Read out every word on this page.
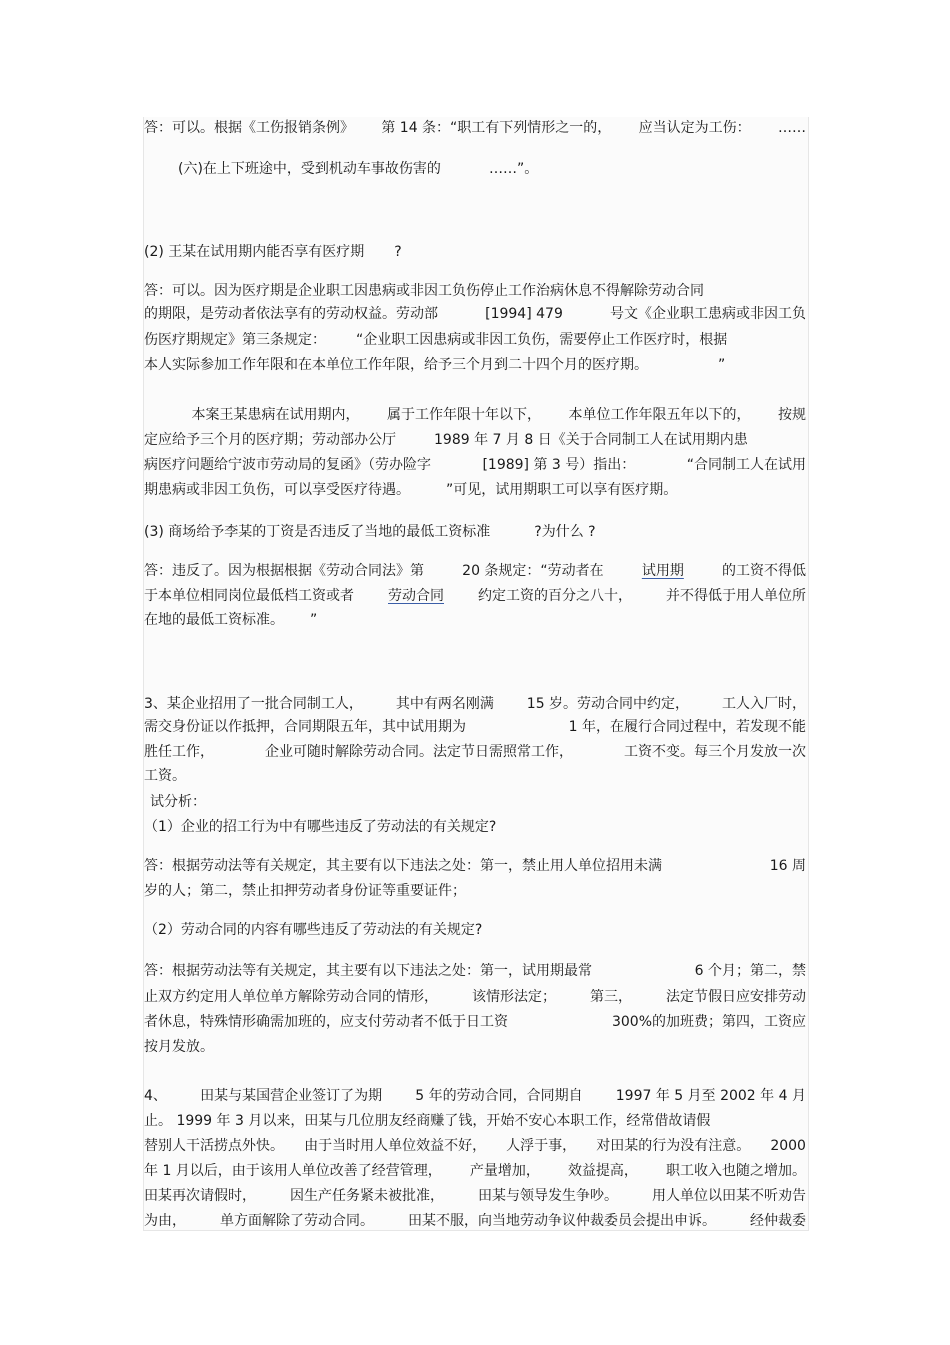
答：可以。根据《工伤报销条例》 第 14 条：“职工有下列情形之一的， 应当认定为工伤： ……
(六)在上下班途中，受到机动车事故伤害的	……”。
(2) 王某在试用期内能否享有医疗期 ?
答：可以。因为医疗期是企业职工因患病或非因工负伤停止工作治病休息不得解除劳动合同
的期限，是劳动者依法享有的劳动权益。劳动部	[1994] 479	号文《企业职工患病或非因工负
伤医疗期规定》第三条规定： “企业职工因患病或非因工负伤，需要停止工作医疗时，根据
本人实际参加工作年限和在本单位工作年限，给予三个月到二十四个月的医疗期。	”
本案王某患病在试用期内， 属于工作年限十年以下， 本单位工作年限五年以下的， 按规
定应给予三个月的医疗期；劳动部办公厅	1989 年 7 月 8 日《关于合同制工人在试用期内患
病医疗问题给宁波市劳动局的复函》（劳办险字	[1989] 第 3 号）指出：	“合同制工人在试用
期患病或非因工负伤，可以享受医疗待遇。	”可见，试用期职工可以享有医疗期。
(3) 商场给予李某的丁资是否违反了当地的最低工资标准	?为什么 ?
答：违反了。因为根据根据《劳动合同法》第	20 条规定：“劳动者在	试用期	的工资不得低
于本单位相同岗位最低档工资或者 劳动合同 约定工资的百分之八十， 并不得低于用人单位所
在地的最低工资标准。 ”
3、某企业招用了一批合同制工人， 其中有两名刚满 15 岁。劳动合同中约定， 工人入厂时，
需交身份证以作抵押，合同期限五年，其中试用期为	1 年，在履行合同过程中，若发现不能
胜任工作，	企业可随时解除劳动合同。法定节日需照常工作，	工资不变。每三个月发放一次
工资。
试分析：
（1）企业的招工行为中有哪些违反了劳动法的有关规定?
答：根据劳动法等有关规定，其主要有以下违法之处：第一，禁止用人单位招用未满	16 周
岁的人；第二，禁止扣押劳动者身份证等重要证件；
（2）劳动合同的内容有哪些违反了劳动法的有关规定?
答：根据劳动法等有关规定，其主要有以下违法之处：第一，试用期最常	6 个月；第二，禁
止双方约定用人单位单方解除劳动合同的情形， 该情形法定； 第三， 法定节假日应安排劳动
者休息，特殊情形确需加班的，应支付劳动者不低于日工资	300%的加班费；第四，工资应
按月发放。
4、 田某与某国营企业签订了为期 5 年的劳动合同，合同期自 1997 年 5 月至 2002 年 4 月
止。 1999 年 3 月以来，田某与几位朋友经商赚了钱，开始不安心本职工作，经常借故请假
替别人干活捞点外快。 由于当时用人单位效益不好， 人浮于事， 对田某的行为没有注意。 2000
年 1 月以后，由于该用人单位改善了经营管理， 产量增加， 效益提高， 职工收入也随之增加。
田某再次请假时， 因生产任务紧未被批准， 田某与领导发生争吵。 用人单位以田某不听劝告
为由， 单方面解除了劳动合同。 田某不服，向当地劳动争议仲裁委员会提出申诉。 经仲裁委
